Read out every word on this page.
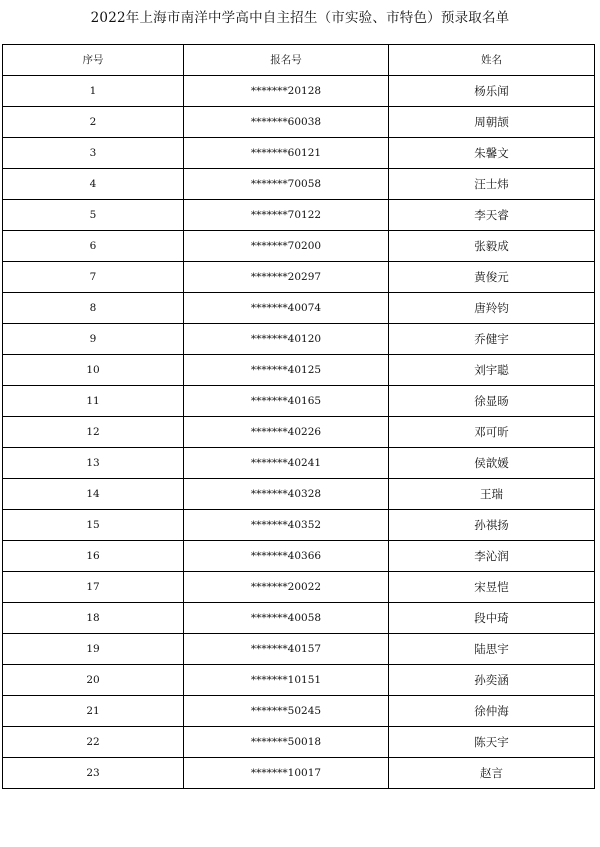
2022年上海市南洋中学高中自主招生（市实验、市特色）预录取名单
序号	报名号	姓名
1	*******20128	杨乐闻
2	*******60038	周朝颉
3	*******60121	朱馨文
4	*******70058	汪士炜
5	*******70122	李天睿
6	*******70200	张毅成
7	*******20297	黄俊元
8	*******40074	唐羚钧
9	*******40120	乔健宇
10	*******40125	刘宇聪
11	*******40165	徐显旸
12	*******40226	邓可昕
13	*******40241	侯歆媛
14	*******40328	王瑞
15	*******40352	孙祺扬
16	*******40366	李沁润
17	*******20022	宋昱恺
18	*******40058	段中琦
19	*******40157	陆思宇
20	*******10151	孙奕涵
21	*******50245	徐仲海
22	*******50018	陈天宇
23	*******10017	赵言
